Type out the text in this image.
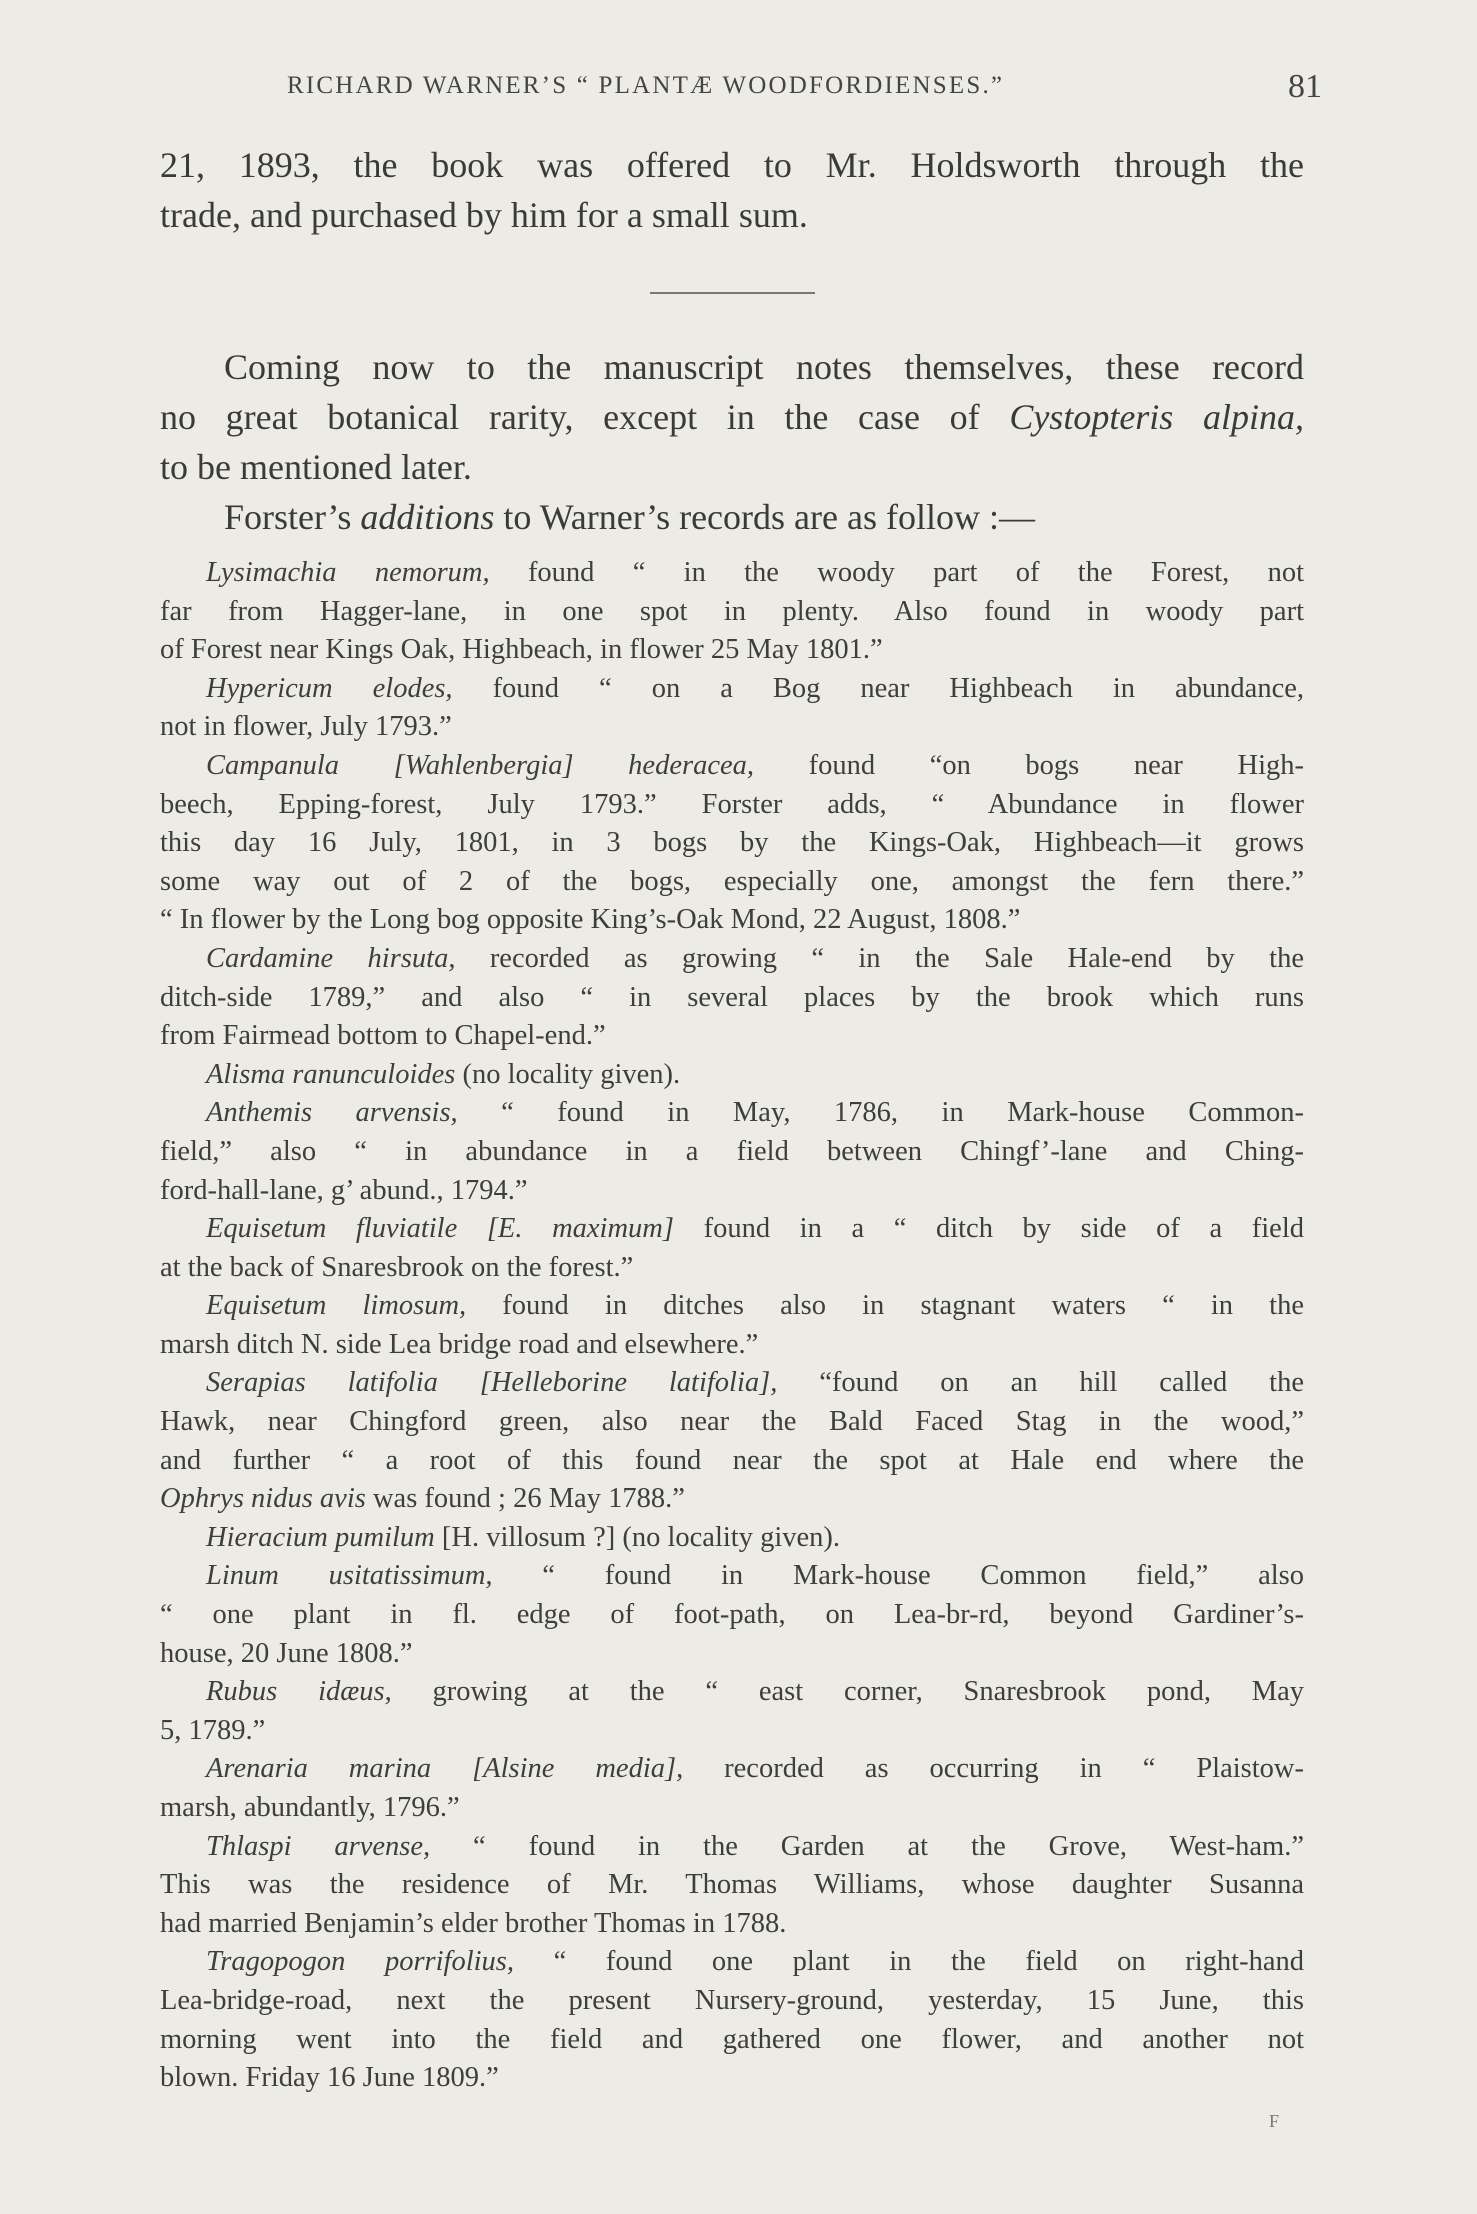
RICHARD WARNER’S “ PLANTÆ WOODFORDIENSES.”	81
21, 1893, the book was offered to Mr. Holdsworth through the
trade, and purchased by him for a small sum.
Coming now to the manuscript notes themselves, these record
no great botanical rarity, except in the case of Cystopteris alpina,
to be mentioned later.
Forster’s additions to Warner’s records are as follow :—
Lysimachia nemorum, found “ in the woody part of the Forest, not
far from Hagger-lane, in one spot in plenty. Also found in woody part
of Forest near Kings Oak, Highbeach, in flower 25 May 1801.”
Hypericum elodes, found “ on a Bog near Highbeach in abundance,
not in flower, July 1793.”
Campanula [Wahlenbergia] hederacea, found “on bogs near High-
beech, Epping-forest, July 1793.” Forster adds, “ Abundance in flower
this day 16 July, 1801, in 3 bogs by the Kings-Oak, Highbeach—it grows
some way out of 2 of the bogs, especially one, amongst the fern there.”
“ In flower by the Long bog opposite King’s-Oak Mond, 22 August, 1808.”
Cardamine hirsuta, recorded as growing “ in the Sale Hale-end by the
ditch-side 1789,” and also “ in several places by the brook which runs
from Fairmead bottom to Chapel-end.”
Alisma ranunculoides (no locality given).
Anthemis arvensis, “ found in May, 1786, in Mark-house Common-
field,” also “ in abundance in a field between Chingf’-lane and Ching-
ford-hall-lane, g’ abund., 1794.”
Equisetum fluviatile [E. maximum] found in a “ ditch by side of a field
at the back of Snaresbrook on the forest.”
Equisetum limosum, found in ditches also in stagnant waters “ in the
marsh ditch N. side Lea bridge road and elsewhere.”
Serapias latifolia [Helleborine latifolia], “found on an hill called the
Hawk, near Chingford green, also near the Bald Faced Stag in the wood,”
and further “ a root of this found near the spot at Hale end where the
Ophrys nidus avis was found ; 26 May 1788.”
Hieracium pumilum [H. villosum ?] (no locality given).
Linum usitatissimum, “ found in Mark-house Common field,” also
“ one plant in fl. edge of foot-path, on Lea-br-rd, beyond Gardiner’s-
house, 20 June 1808.”
Rubus idæus, growing at the “ east corner, Snaresbrook pond, May
5, 1789.”
Arenaria marina [Alsine media], recorded as occurring in “ Plaistow-
marsh, abundantly, 1796.”
Thlaspi arvense, “ found in the Garden at the Grove, West-ham.”
This was the residence of Mr. Thomas Williams, whose daughter Susanna
had married Benjamin’s elder brother Thomas in 1788.
Tragopogon porrifolius, “ found one plant in the field on right-hand
Lea-bridge-road, next the present Nursery-ground, yesterday, 15 June, this
morning went into the field and gathered one flower, and another not
blown. Friday 16 June 1809.”
F
